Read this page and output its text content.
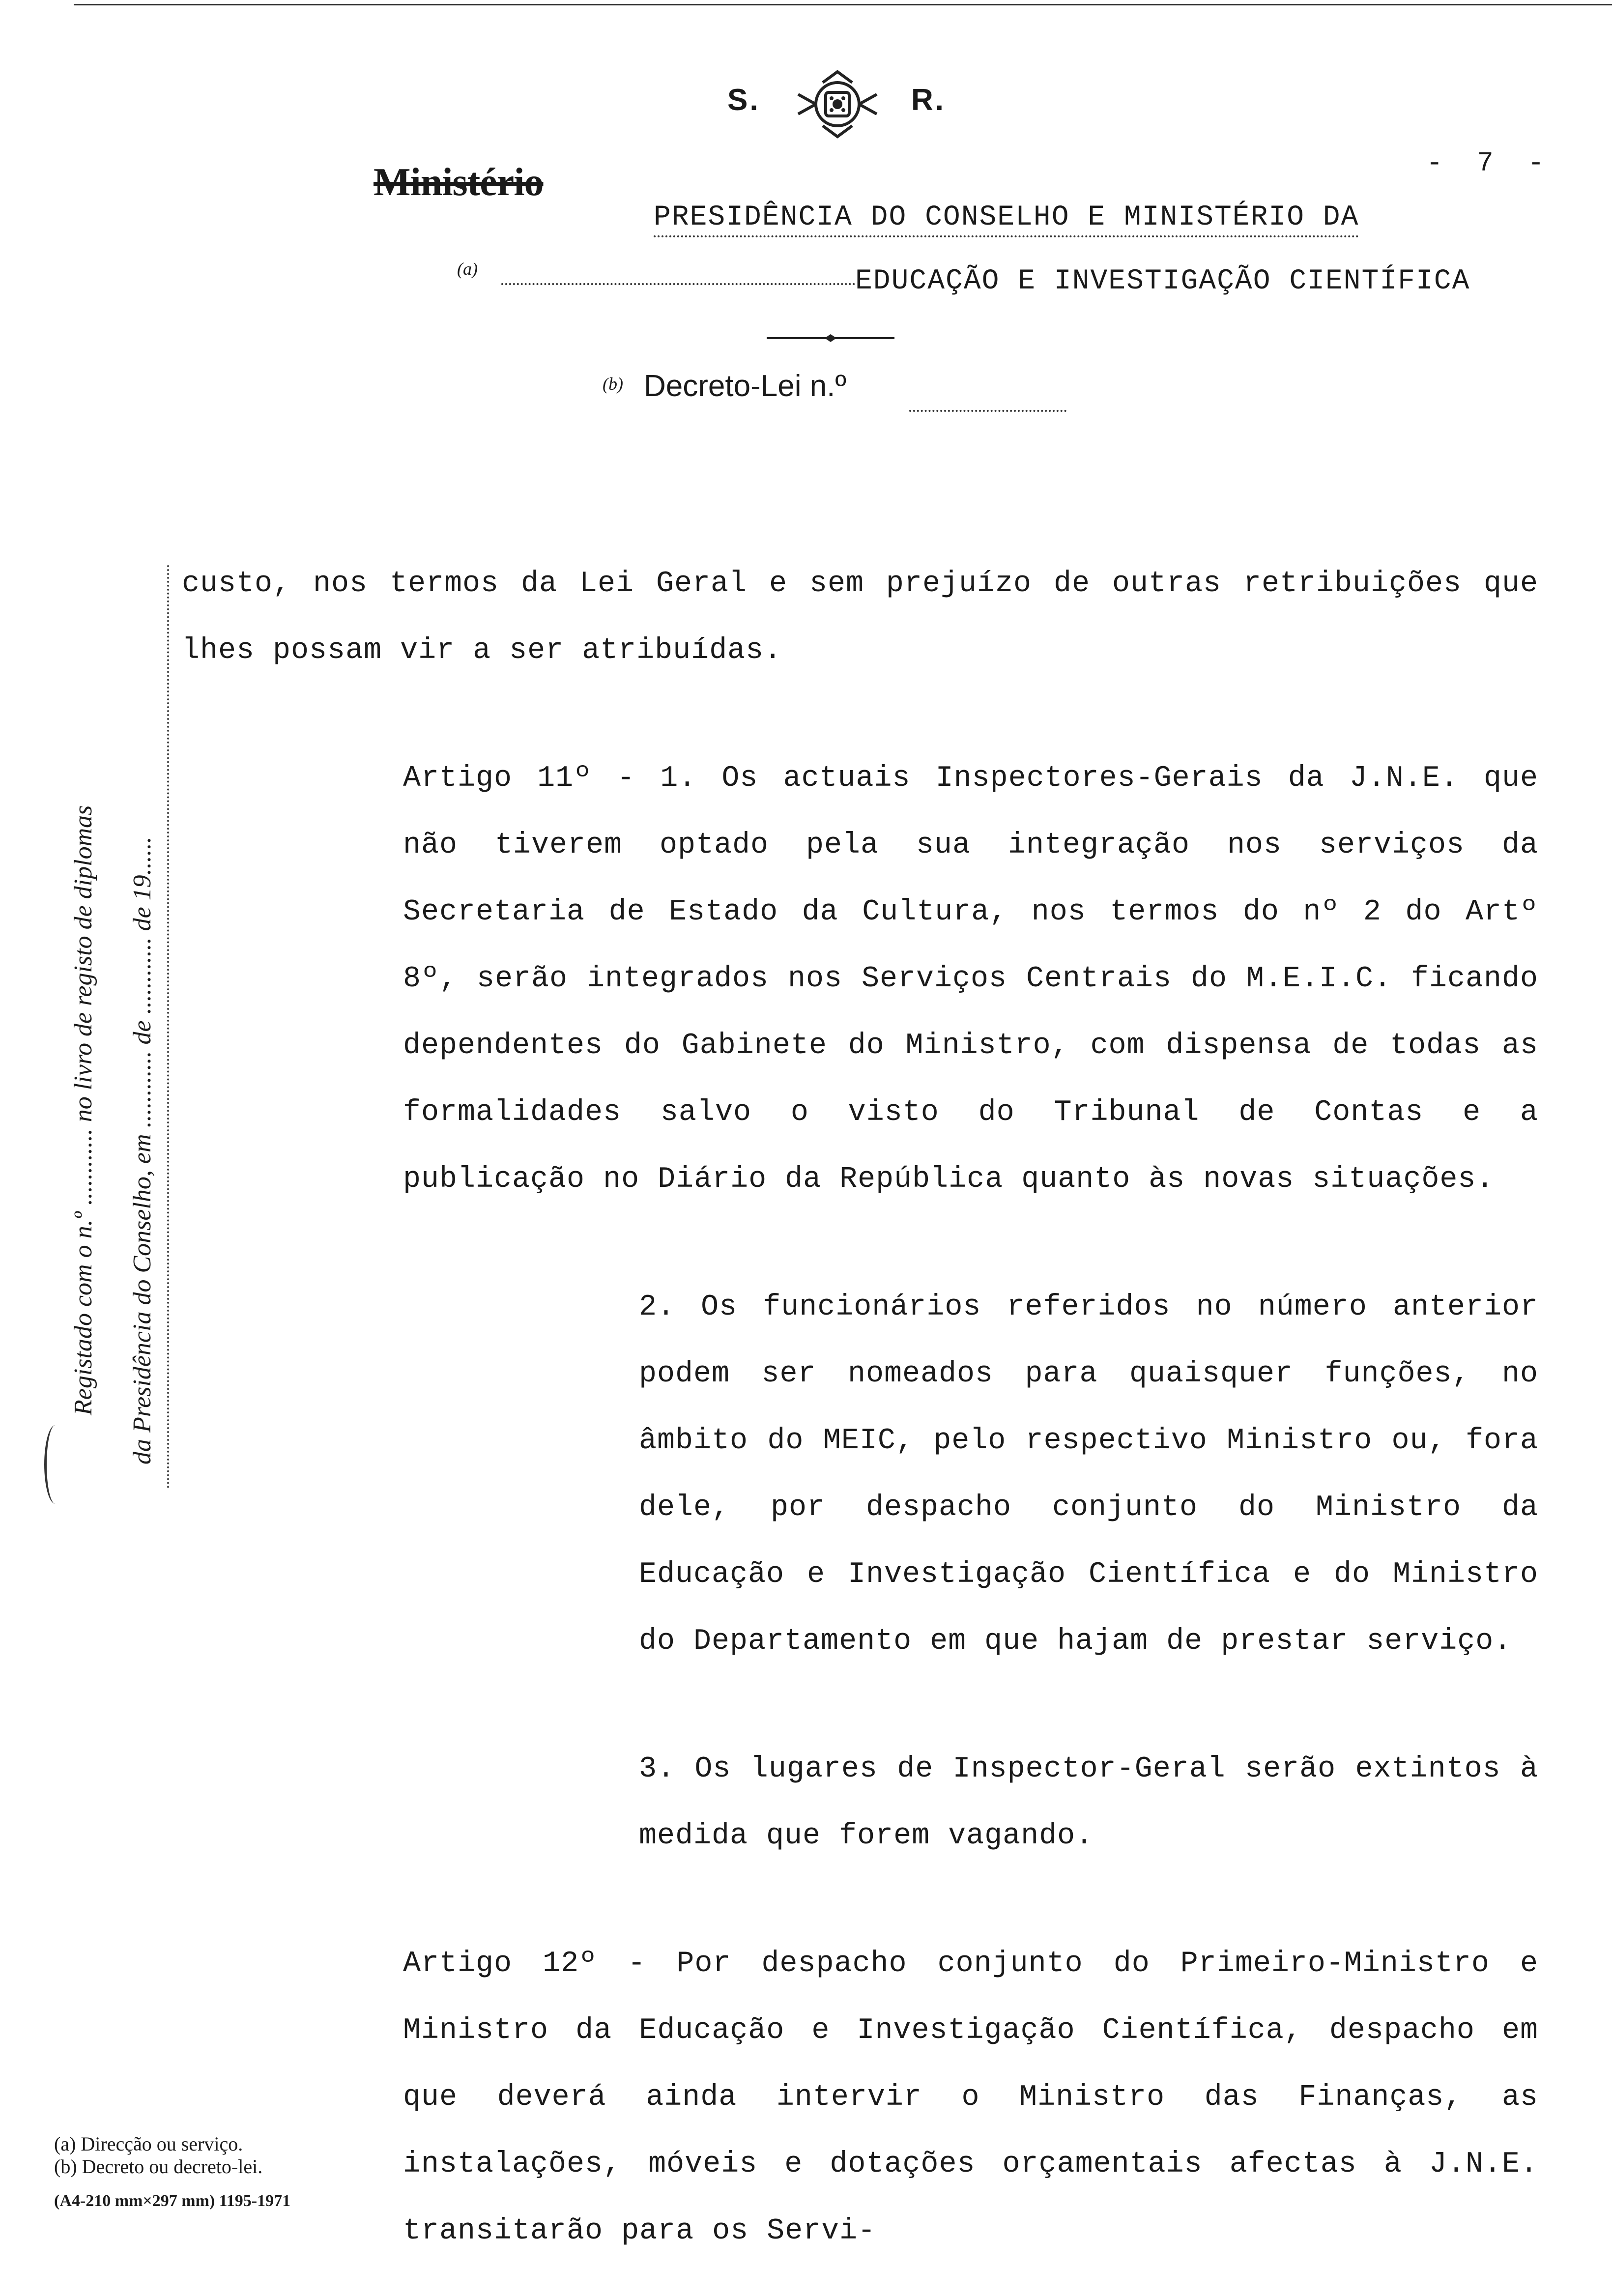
S.	R.
- 7 -
Ministério
PRESIDÊNCIA DO CONSELHO E MINISTÉRIO DA
(a)	EDUCAÇÃO E INVESTIGAÇÃO CIENTÍFICA
(b) Decreto-Lei n.º
Registado com o n.º ............ no livro de registo de diplomas da Presidência do Conselho, em ............ de ............ de 19......

custo, nos termos da Lei Geral e sem prejuízo de outras retribuições que lhes possam vir a ser atribuídas.

Artigo 11º - 1. Os actuais Inspectores-Gerais da J.N.E. que não tiverem optado pela sua integração nos serviços da Secretaria de Estado da Cultura, nos termos do nº 2 do Artº 8º, serão integrados nos Serviços Centrais do M.E.I.C. ficando dependentes do Gabinete do Ministro, com dispensa de todas as formalidades salvo o visto do Tribunal de Contas e a publicação no Diário da República quanto às novas situações.

2. Os funcionários referidos no número anterior podem ser nomeados para quaisquer funções, no âmbito do MEIC, pelo respectivo Ministro ou, fora dele, por despacho conjunto do Ministro da Educação e Investigação Científica e do Ministro do Departamento em que hajam de prestar serviço.

3. Os lugares de Inspector-Geral serão extintos à medida que forem vagando.

Artigo 12º - Por despacho conjunto do Primeiro-Ministro e Ministro da Educação e Investigação Científica, despacho em que deverá ainda intervir o Ministro das Finanças, as instalações, móveis e dotações orçamentais afectas à J.N.E. transitarão para os Servi-

(a) Direcção ou serviço.
(b) Decreto ou decreto-lei.
(A4-210 mm×297 mm) 1195-1971
